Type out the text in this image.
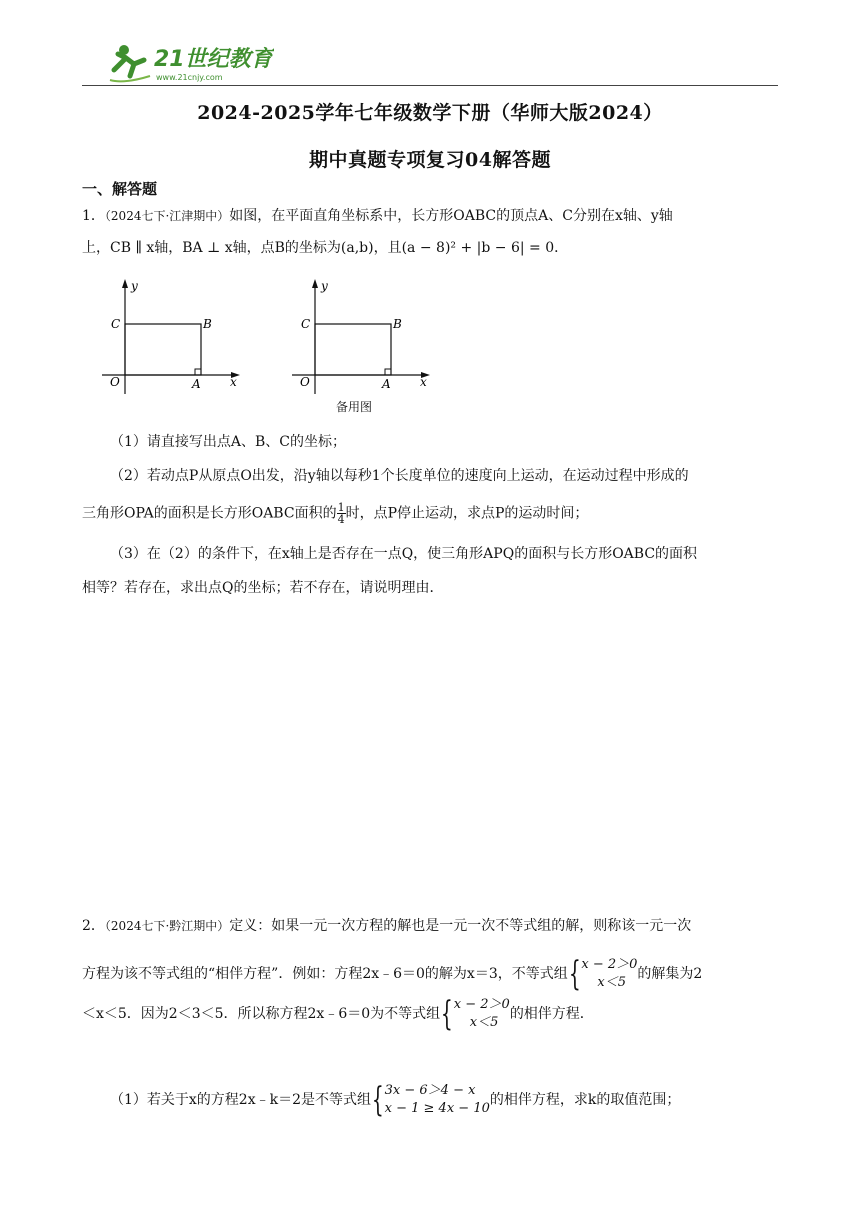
21世纪教育
www.21cnjy.com
2024-2025学年七年级数学下册（华师大版2024）
期中真题专项复习04解答题
一、解答题
1．（2024七下·江津期中）如图，在平面直角坐标系中，长方形OABC的顶点A、C分别在x轴、y轴
上，CB ∥ x轴，BA ⊥ x轴，点B的坐标为(a,b)，且(a − 8)² + |b − 6| = 0．
y
x
O	A
B
C
y
x
O	A
B
C
备用图
（1）请直接写出点A、B、C的坐标；
（2）若动点P从原点O出发，沿y轴以每秒1个长度单位的速度向上运动，在运动过程中形成的
三角形OPA的面积是长方形OABC面积的 $\frac{1}{4}$ 时，点P停止运动，求点P的运动时间；
（3）在（2）的条件下，在x轴上是否存在一点Q，使三角形APQ的面积与长方形OABC的面积
相等？若存在，求出点Q的坐标；若不存在，请说明理由．
2．（2024七下·黔江期中）定义：如果一元一次方程的解也是一元一次不等式组的解，则称该一元一次
方程为该不等式组的“相伴方程”．例如：方程2x﹣6＝0的解为x＝3，不等式组 { x − 2＞0
x＜5
的解集为2
＜x＜5．因为2＜3＜5．所以称方程2x﹣6＝0为不等式组 { x − 2＞0
x＜5
的相伴方程．
（1）若关于x的方程2x﹣k＝2是不等式组 { 3x − 6＞4 − x
x − 1 ≥ 4x − 10
的相伴方程，求k的取值范围；
